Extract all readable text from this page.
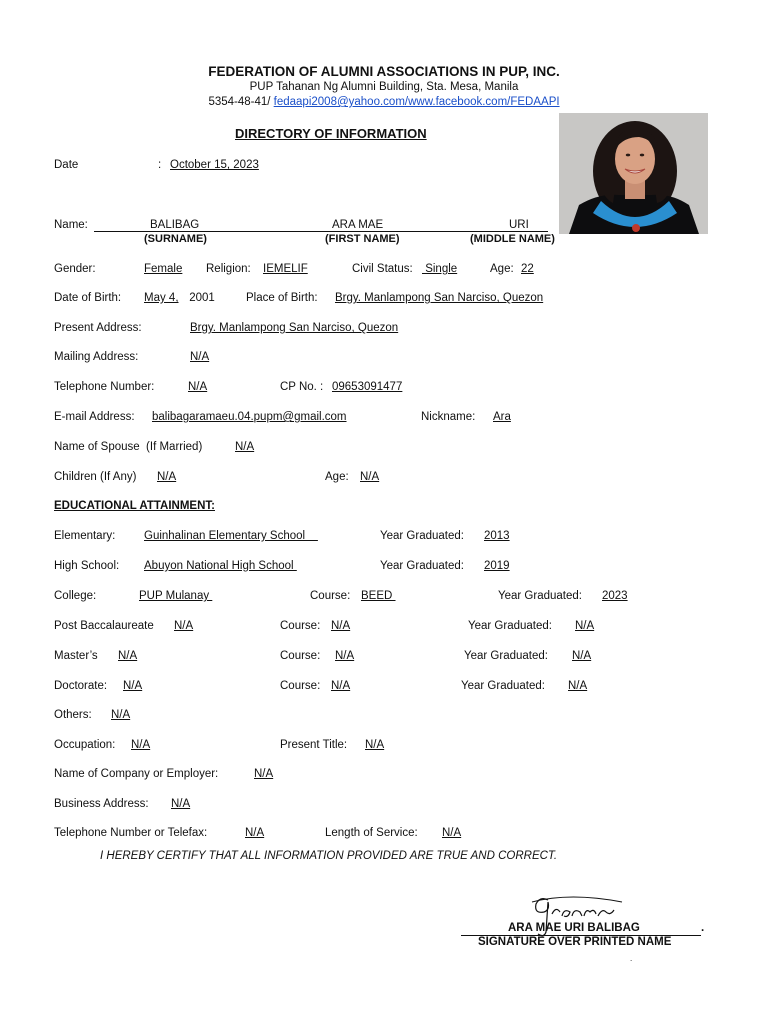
FEDERATION OF ALUMNI ASSOCIATIONS IN PUP, INC.
PUP Tahanan Ng Alumni Building, Sta. Mesa, Manila
5354-48-41/ fedaapi2008@yahoo.com/www.facebook.com/FEDAAPI
DIRECTORY OF INFORMATION
Date	: October 15, 2023
Name:	BALIBAG	ARA MAE	URI
(SURNAME)	(FIRST NAME)	(MIDDLE NAME)
Gender:	Female Religion: IEMELIF	Civil Status: Single	Age: 22
Date of Birth: May 4, 2001	Place of Birth: Brgy. Manlampong San Narciso, Quezon
Present Address:	Brgy. Manlampong San Narciso, Quezon
Mailing Address:	N/A
Telephone Number:	N/A	CP No. : 09653091477
E-mail Address: balibagaramaeu.04.pupm@gmail.com	Nickname: Ara
Name of Spouse  (If Married)	N/A
Children (If Any) N/A	Age: N/A
EDUCATIONAL ATTAINMENT:
Elementary: Guinhalinan Elementary School	Year Graduated: 2013
High School: Abuyon National High School	Year Graduated: 2019
College:	PUP Mulanay	Course: BEED	Year Graduated: 2023
Post Baccalaureate N/A	Course: N/A	Year Graduated: N/A
Master’s N/A	Course: N/A	Year Graduated: N/A
Doctorate: N/A	Course: N/A	Year Graduated: N/A
Others: N/A
Occupation: N/A	Present Title: N/A
Name of Company or Employer:	N/A
Business Address: N/A
Telephone Number or Telefax:	N/A	Length of Service: N/A
I HEREBY CERTIFY THAT ALL INFORMATION PROVIDED ARE TRUE AND CORRECT.
ARA MAE URI BALIBAG	.
SIGNATURE OVER PRINTED NAME
.
